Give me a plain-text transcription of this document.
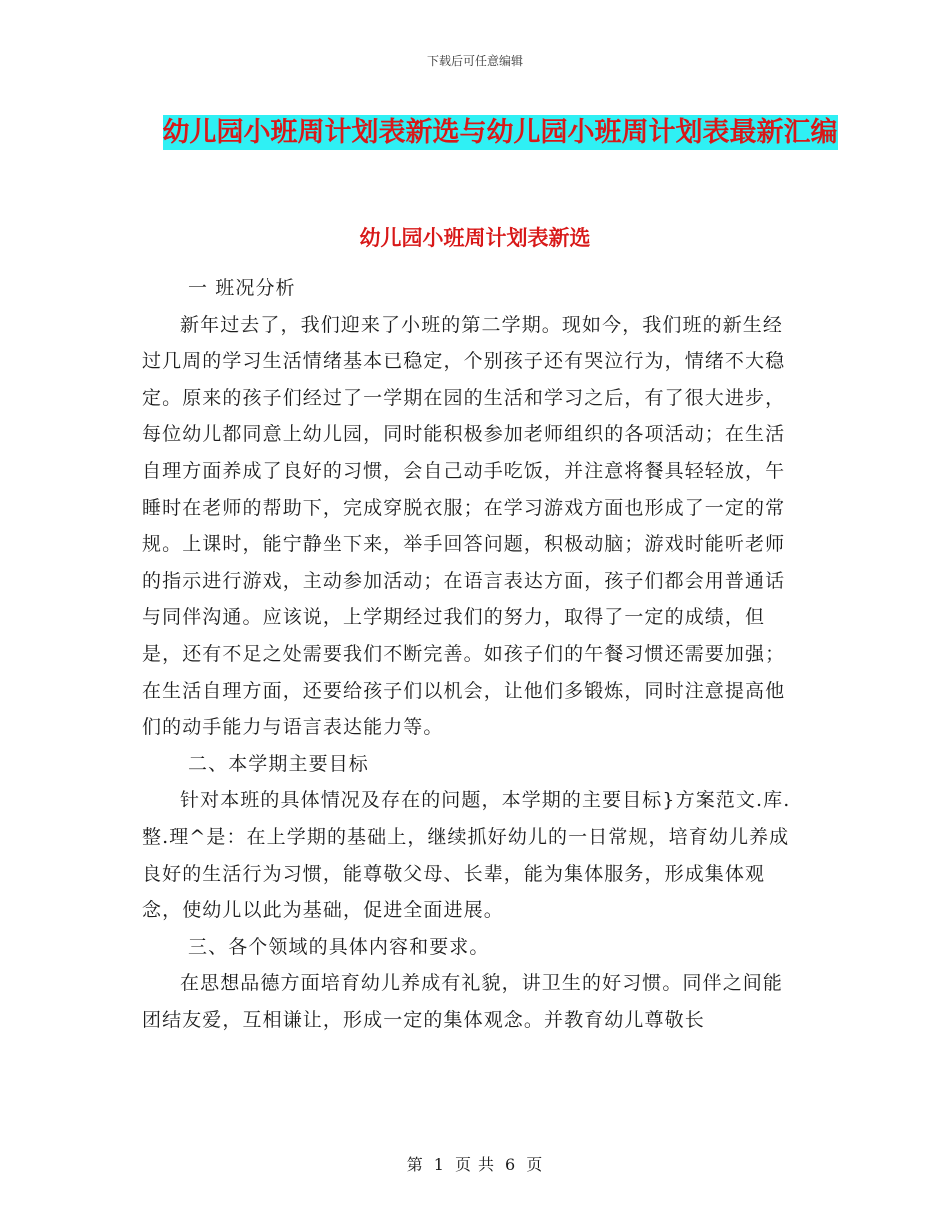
下载后可任意编辑
幼儿园小班周计划表新选与幼儿园小班周计划表最新汇编
幼儿园小班周计划表新选

一 班况分析

新年过去了，我们迎来了小班的第二学期。现如今，我们班的新生经过几周的学习生活情绪基本已稳定，个别孩子还有哭泣行为，情绪不大稳定。原来的孩子们经过了一学期在园的生活和学习之后，有了很大进步，每位幼儿都同意上幼儿园，同时能积极参加老师组织的各项活动；在生活自理方面养成了良好的习惯，会自己动手吃饭，并注意将餐具轻轻放，午睡时在老师的帮助下，完成穿脱衣服；在学习游戏方面也形成了一定的常规。上课时，能宁静坐下来，举手回答问题，积极动脑；游戏时能听老师的指示进行游戏，主动参加活动；在语言表达方面，孩子们都会用普通话与同伴沟通。应该说，上学期经过我们的努力，取得了一定的成绩，但是，还有不足之处需要我们不断完善。如孩子们的午餐习惯还需要加强；在生活自理方面，还要给孩子们以机会，让他们多锻炼，同时注意提高他们的动手能力与语言表达能力等。

二、本学期主要目标

针对本班的具体情况及存在的问题，本学期的主要目标}方案范文.库.整.理^是：在上学期的基础上，继续抓好幼儿的一日常规，培育幼儿养成良好的生活行为习惯，能尊敬父母、长辈，能为集体服务，形成集体观念，使幼儿以此为基础，促进全面进展。

三、各个领域的具体内容和要求。

在思想品德方面培育幼儿养成有礼貌，讲卫生的好习惯。同伴之间能团结友爱，互相谦让，形成一定的集体观念。并教育幼儿尊敬长

第 1 页 共 6 页
